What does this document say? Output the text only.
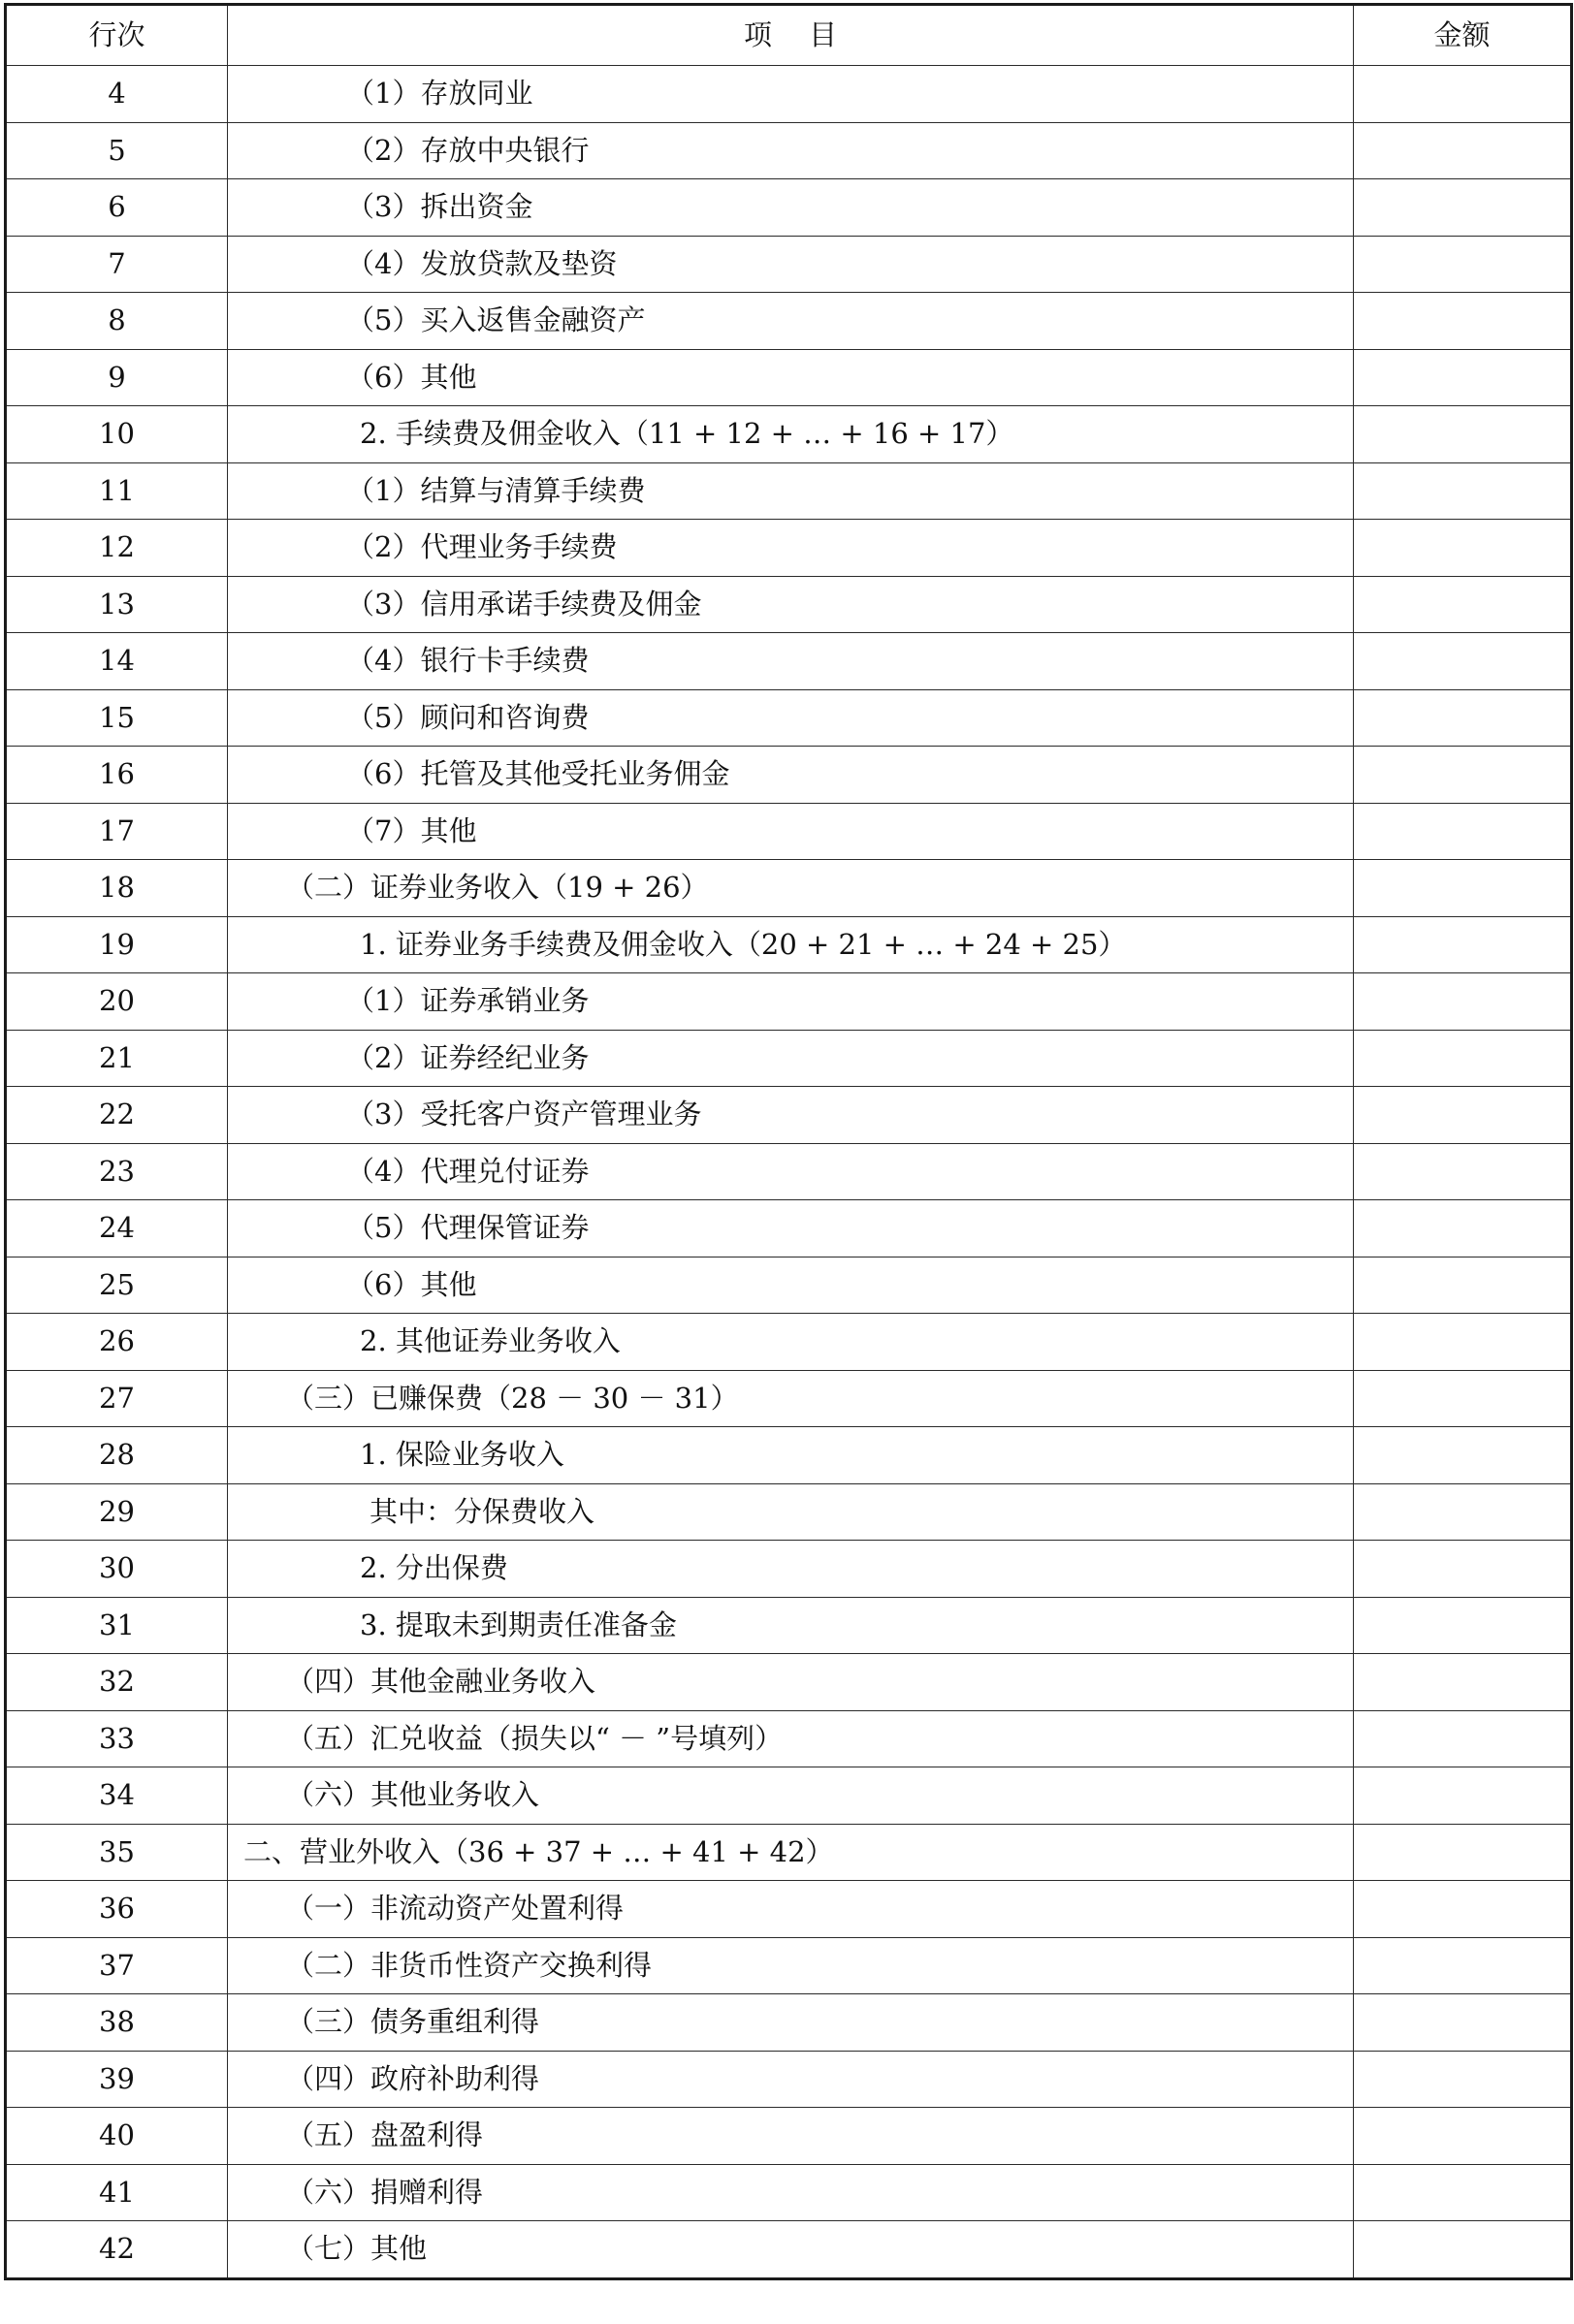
行次	项目	金额
4	（1）存放同业	
5	（2）存放中央银行	
6	（3）拆出资金	
7	（4）发放贷款及垫资	
8	（5）买入返售金融资产	
9	（6）其他	
10	2. 手续费及佣金收入（11 + 12 + … + 16 + 17）	
11	（1）结算与清算手续费	
12	（2）代理业务手续费	
13	（3）信用承诺手续费及佣金	
14	（4）银行卡手续费	
15	（5）顾问和咨询费	
16	（6）托管及其他受托业务佣金	
17	（7）其他	
18	（二）证券业务收入（19 + 26）	
19	1. 证券业务手续费及佣金收入（20 + 21 + … + 24 + 25）	
20	（1）证券承销业务	
21	（2）证券经纪业务	
22	（3）受托客户资产管理业务	
23	（4）代理兑付证券	
24	（5）代理保管证券	
25	（6）其他	
26	2. 其他证券业务收入	
27	（三）已赚保费（28 － 30 － 31）	
28	1. 保险业务收入	
29	其中：分保费收入	
30	2. 分出保费	
31	3. 提取未到期责任准备金	
32	（四）其他金融业务收入	
33	（五）汇兑收益（损失以“ － ”号填列）	
34	（六）其他业务收入	
35	二、营业外收入（36 + 37 + … + 41 + 42）	
36	（一）非流动资产处置利得	
37	（二）非货币性资产交换利得	
38	（三）债务重组利得	
39	（四）政府补助利得	
40	（五）盘盈利得	
41	（六）捐赠利得	
42	（七）其他	
